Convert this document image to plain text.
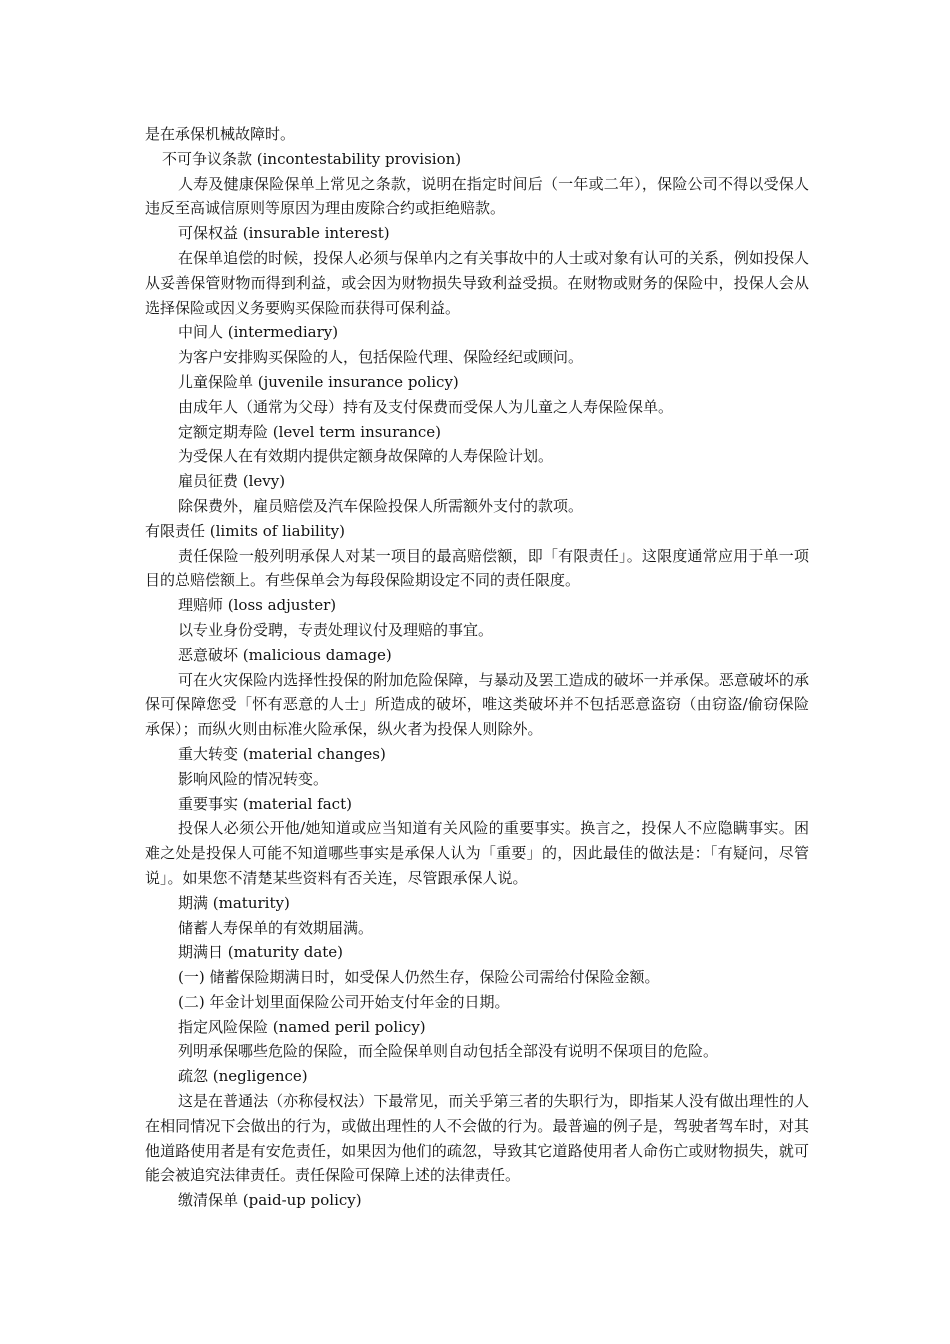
是在承保机械故障时。

不可争议条款 (incontestability provision)

人寿及健康保险保单上常见之条款，说明在指定时间后（一年或二年），保险公司不得以受保人违反至高诚信原则等原因为理由废除合约或拒绝赔款。

可保权益 (insurable interest)

在保单追偿的时候，投保人必须与保单内之有关事故中的人士或对象有认可的关系，例如投保人从妥善保管财物而得到利益，或会因为财物损失导致利益受损。在财物或财务的保险中，投保人会从选择保险或因义务要购买保险而获得可保利益。

中间人 (intermediary)

为客户安排购买保险的人，包括保险代理、保险经纪或顾问。

儿童保险单 (juvenile insurance policy)

由成年人（通常为父母）持有及支付保费而受保人为儿童之人寿保险保单。

定额定期寿险 (level term insurance)

为受保人在有效期内提供定额身故保障的人寿保险计划。

雇员征费 (levy)

除保费外，雇员赔偿及汽车保险投保人所需额外支付的款项。

有限责任 (limits of liability)

责任保险一般列明承保人对某一项目的最高赔偿额，即「有限责任」。这限度通常应用于单一项目的总赔偿额上。有些保单会为每段保险期设定不同的责任限度。

理赔师 (loss adjuster)

以专业身份受聘，专责处理议付及理赔的事宜。

恶意破坏 (malicious damage)

可在火灾保险内选择性投保的附加危险保障，与暴动及罢工造成的破坏一并承保。恶意破坏的承保可保障您受「怀有恶意的人士」所造成的破坏，唯这类破坏并不包括恶意盗窃（由窃盗/偷窃保险承保）；而纵火则由标准火险承保，纵火者为投保人则除外。

重大转变 (material changes)

影响风险的情况转变。

重要事实 (material fact)

投保人必须公开他/她知道或应当知道有关风险的重要事实。换言之，投保人不应隐瞒事实。困难之处是投保人可能不知道哪些事实是承保人认为「重要」的，因此最佳的做法是：「有疑问，尽管说」。如果您不清楚某些资料有否关连，尽管跟承保人说。

期满 (maturity)

储蓄人寿保单的有效期届满。

期满日 (maturity date)

(一) 储蓄保险期满日时，如受保人仍然生存，保险公司需给付保险金额。

(二) 年金计划里面保险公司开始支付年金的日期。

指定风险保险 (named peril policy)

列明承保哪些危险的保险，而全险保单则自动包括全部没有说明不保项目的危险。

疏忽 (negligence)

这是在普通法（亦称侵权法）下最常见，而关乎第三者的失职行为，即指某人没有做出理性的人在相同情况下会做出的行为，或做出理性的人不会做的行为。最普遍的例子是，驾驶者驾车时，对其他道路使用者是有安危责任，如果因为他们的疏忽，导致其它道路使用者人命伤亡或财物损失，就可能会被追究法律责任。责任保险可保障上述的法律责任。

缴清保单 (paid-up policy)
